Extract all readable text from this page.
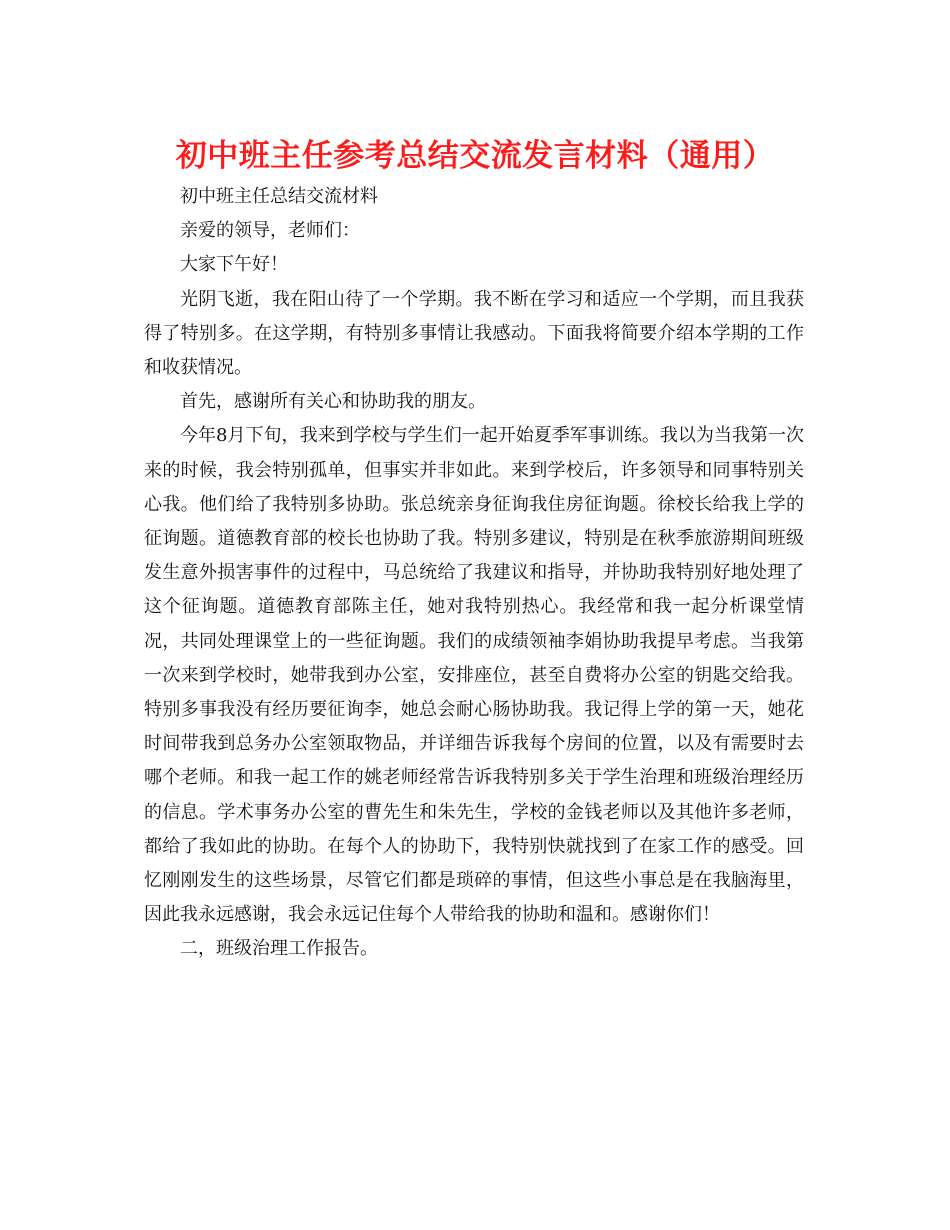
初中班主任参考总结交流发言材料（通用）

初中班主任总结交流材料

亲爱的领导，老师们：

大家下午好！

光阴飞逝，我在阳山待了一个学期。我不断在学习和适应一个学期，而且我获得了特别多。在这学期，有特别多事情让我感动。下面我将简要介绍本学期的工作和收获情况。

首先，感谢所有关心和协助我的朋友。

今年8月下旬，我来到学校与学生们一起开始夏季军事训练。我以为当我第一次来的时候，我会特别孤单，但事实并非如此。来到学校后，许多领导和同事特别关心我。他们给了我特别多协助。张总统亲身征询我住房征询题。徐校长给我上学的征询题。道德教育部的校长也协助了我。特别多建议，特别是在秋季旅游期间班级发生意外损害事件的过程中，马总统给了我建议和指导，并协助我特别好地处理了这个征询题。道德教育部陈主任，她对我特别热心。我经常和我一起分析课堂情况，共同处理课堂上的一些征询题。我们的成绩领袖李娟协助我提早考虑。当我第一次来到学校时，她带我到办公室，安排座位，甚至自费将办公室的钥匙交给我。特别多事我没有经历要征询李，她总会耐心肠协助我。我记得上学的第一天，她花时间带我到总务办公室领取物品，并详细告诉我每个房间的位置，以及有需要时去哪个老师。和我一起工作的姚老师经常告诉我特别多关于学生治理和班级治理经历的信息。学术事务办公室的曹先生和朱先生，学校的金钱老师以及其他许多老师，都给了我如此的协助。在每个人的协助下，我特别快就找到了在家工作的感受。回忆刚刚发生的这些场景，尽管它们都是琐碎的事情，但这些小事总是在我脑海里，因此我永远感谢，我会永远记住每个人带给我的协助和温和。感谢你们！

二，班级治理工作报告。
